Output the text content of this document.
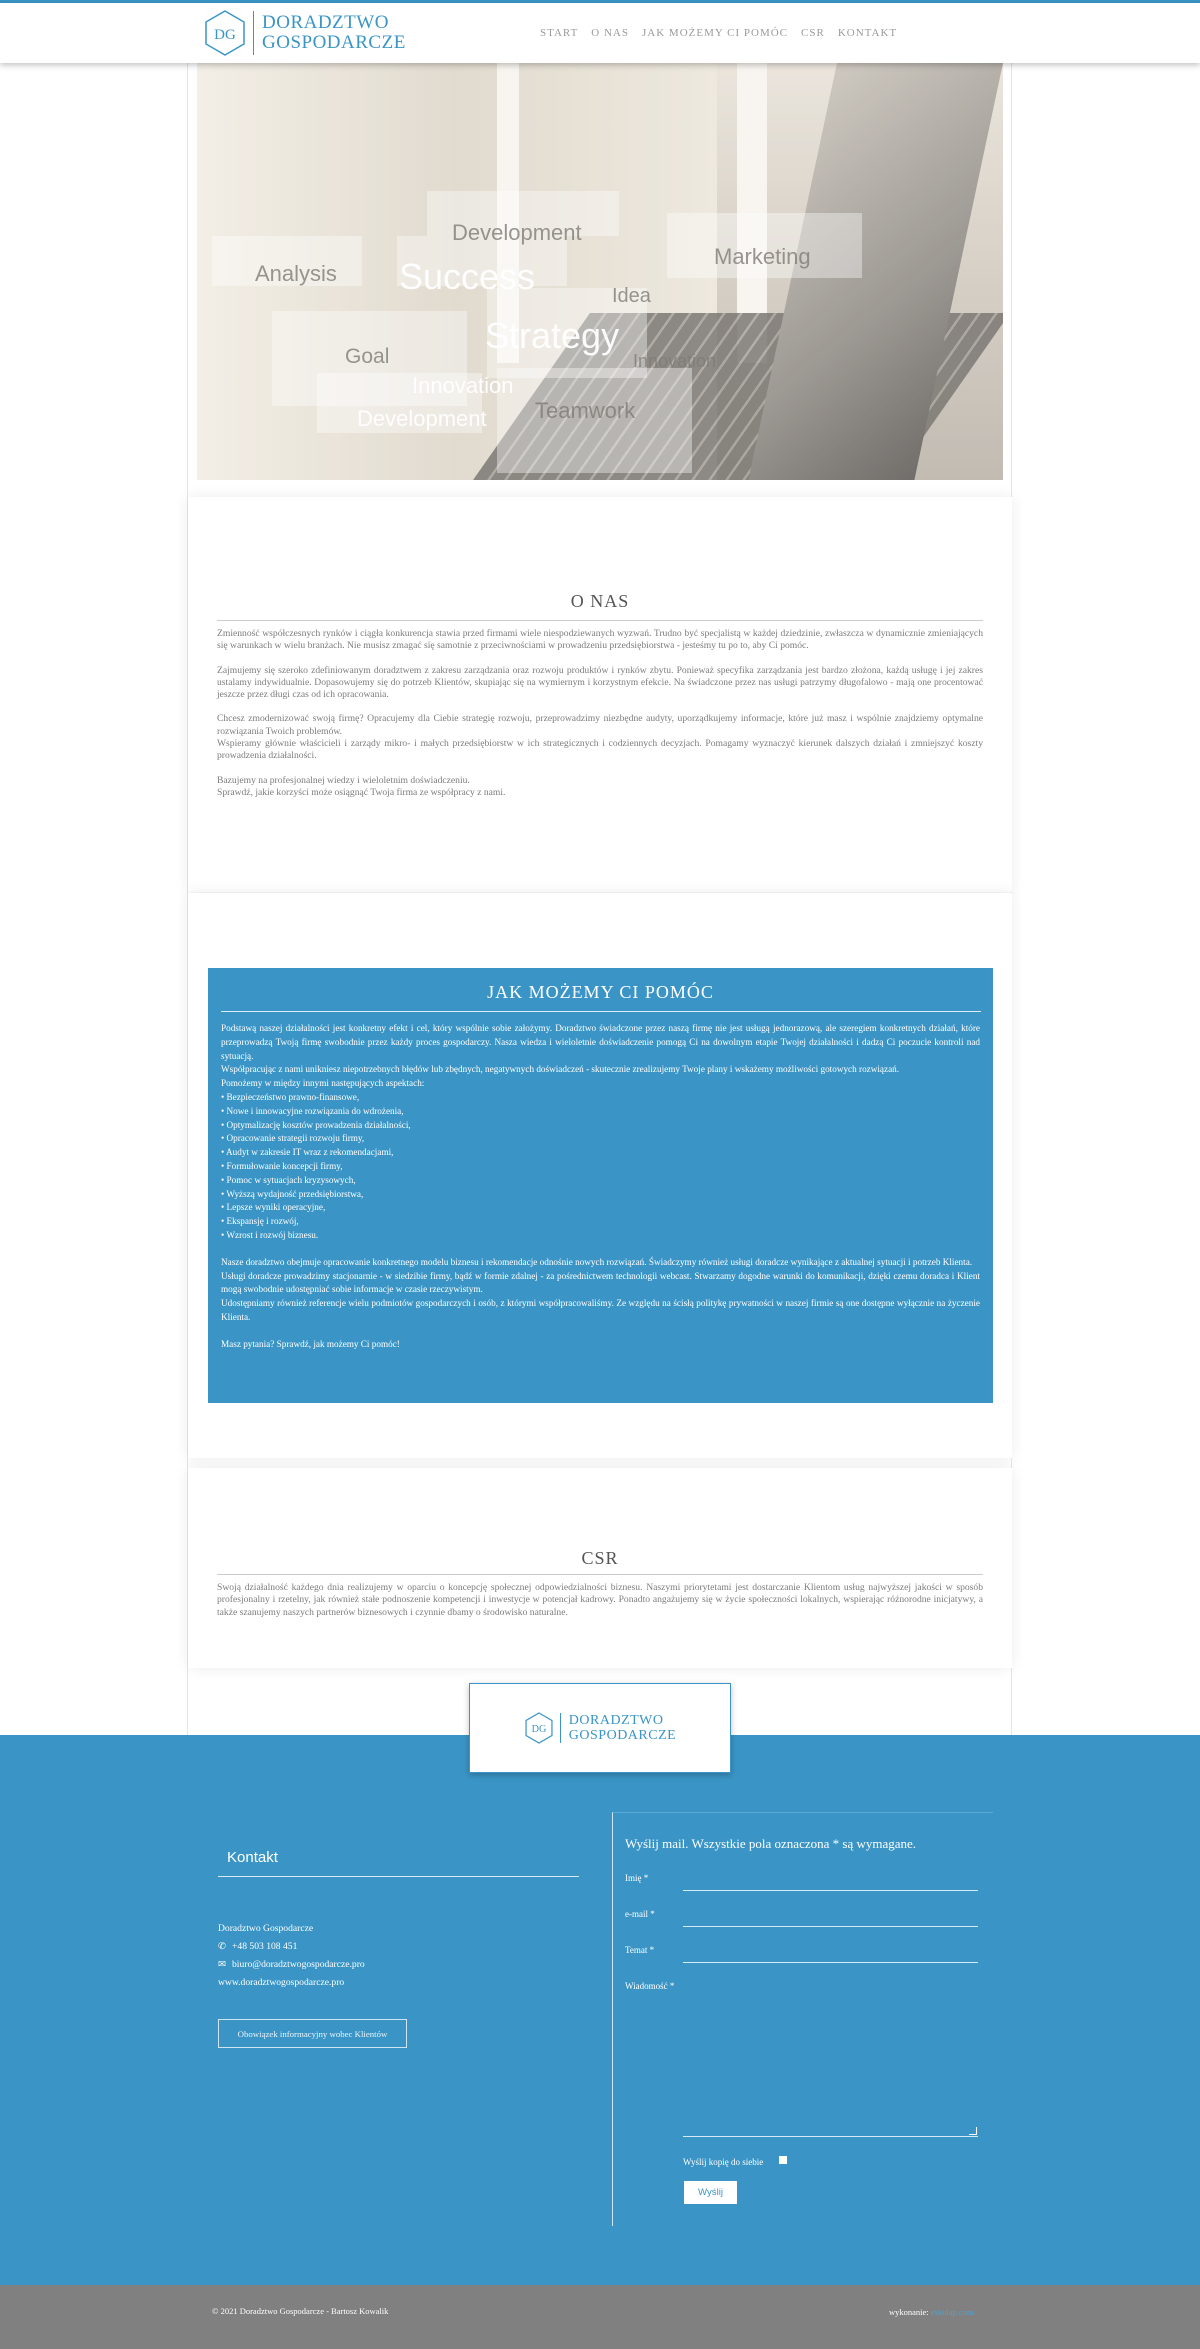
DG
DORADZTWO
GOSPODARCZE	START O NAS JAK MOŻEMY CI POMÓC CSR KONTAKT
Development
Analysis Success	Marketing
Idea
Strategy
Goal
Innovation
Development
Innovation
Teamwork
O NAS

Zmienność współczesnych rynków i ciągła konkurencja stawia przed firmami wiele niespodziewanych wyzwań. Trudno być specjalistą w każdej dziedzinie, zwłaszcza w dynamicznie zmieniających się warunkach w wielu branżach. Nie musisz zmagać się samotnie z przeciwnościami w prowadzeniu przedsiębiorstwa - jesteśmy tu po to, aby Ci pomóc.

Zajmujemy się szeroko zdefiniowanym doradztwem z zakresu zarządzania oraz rozwoju produktów i rynków zbytu. Ponieważ specyfika zarządzania jest bardzo złożona, każdą usługę i jej zakres ustalamy indywidualnie. Dopasowujemy się do potrzeb Klientów, skupiając się na wymiernym i korzystnym efekcie. Na świadczone przez nas usługi patrzymy długofalowo - mają one procentować jeszcze przez długi czas od ich opracowania.

Chcesz zmodernizować swoją firmę? Opracujemy dla Ciebie strategię rozwoju, przeprowadzimy niezbędne audyty, uporządkujemy informacje, które już masz i wspólnie znajdziemy optymalne rozwiązania Twoich problemów.

Wspieramy głównie właścicieli i zarządy mikro- i małych przedsiębiorstw w ich strategicznych i codziennych decyzjach. Pomagamy wyznaczyć kierunek dalszych działań i zmniejszyć koszty prowadzenia działalności.

Bazujemy na profesjonalnej wiedzy i wieloletnim doświadczeniu.

Sprawdź, jakie korzyści może osiągnąć Twoja firma ze współpracy z nami.

JAK MOŻEMY CI POMÓC
Podstawą naszej działalności jest konkretny efekt i cel, który wspólnie sobie założymy. Doradztwo świadczone przez naszą firmę nie jest usługą jednorazową, ale szeregiem konkretnych działań, które przeprowadzą Twoją firmę swobodnie przez każdy proces gospodarczy. Nasza wiedza i wieloletnie doświadczenie pomogą Ci na dowolnym etapie Twojej działalności i dadzą Ci poczucie kontroli nad sytuacją.
Współpracując z nami unikniesz niepotrzebnych błędów lub zbędnych, negatywnych doświadczeń - skutecznie zrealizujemy Twoje plany i wskażemy możliwości gotowych rozwiązań.
Pomożemy w między innymi następujących aspektach:
• Bezpieczeństwo prawno-finansowe,
• Nowe i innowacyjne rozwiązania do wdrożenia,
• Optymalizację kosztów prowadzenia działalności,
• Opracowanie strategii rozwoju firmy,
• Audyt w zakresie IT wraz z rekomendacjami,
• Formułowanie koncepcji firmy,
• Pomoc w sytuacjach kryzysowych,
• Wyższą wydajność przedsiębiorstwa,
• Lepsze wyniki operacyjne,
• Ekspansję i rozwój,
• Wzrost i rozwój biznesu.
Nasze doradztwo obejmuje opracowanie konkretnego modelu biznesu i rekomendacje odnośnie nowych rozwiązań. Świadczymy również usługi doradcze wynikające z aktualnej sytuacji i potrzeb Klienta.
Usługi doradcze prowadzimy stacjonarnie - w siedzibie firmy, bądź w formie zdalnej - za pośrednictwem technologii webcast. Stwarzamy dogodne warunki do komunikacji, dzięki czemu doradca i Klient mogą swobodnie udostępniać sobie informacje w czasie rzeczywistym.
Udostępniamy również referencje wielu podmiotów gospodarczych i osób, z którymi współpracowaliśmy. Ze względu na ścisłą politykę prywatności w naszej firmie są one dostępne wyłącznie na życzenie Klienta.
Masz pytania? Sprawdź, jak możemy Ci pomóc!
CSR
Swoją działalność każdego dnia realizujemy w oparciu o koncepcję społecznej odpowiedzialności biznesu. Naszymi priorytetami jest dostarczanie Klientom usług najwyższej jakości w sposób profesjonalny i rzetelny, jak również stałe podnoszenie kompetencji i inwestycje w potencjał kadrowy. Ponadto angażujemy się w życie społeczności lokalnych, wspierając różnorodne inicjatywy, a także szanujemy naszych partnerów biznesowych i czynnie dbamy o środowisko naturalne.
DG
DORADZTWO
GOSPODARCZE
Kontakt
Doradztwo Gospodarcze
✆ +48 503 108 451
✉ biuro@doradztwogospodarcze.pro
www.doradztwogospodarcze.pro
Obowiązek informacyjny wobec Klientów
Wyślij mail. Wszystkie pola oznaczona * są wymagane.
Imię *
e-mail *
Temat *
Wiadomość *
Wyślij kopię do siebie
Wyślij
© 2021 Doradztwo Gospodarcze - Bartosz Kowalik	wykonanie: eskulap.com
